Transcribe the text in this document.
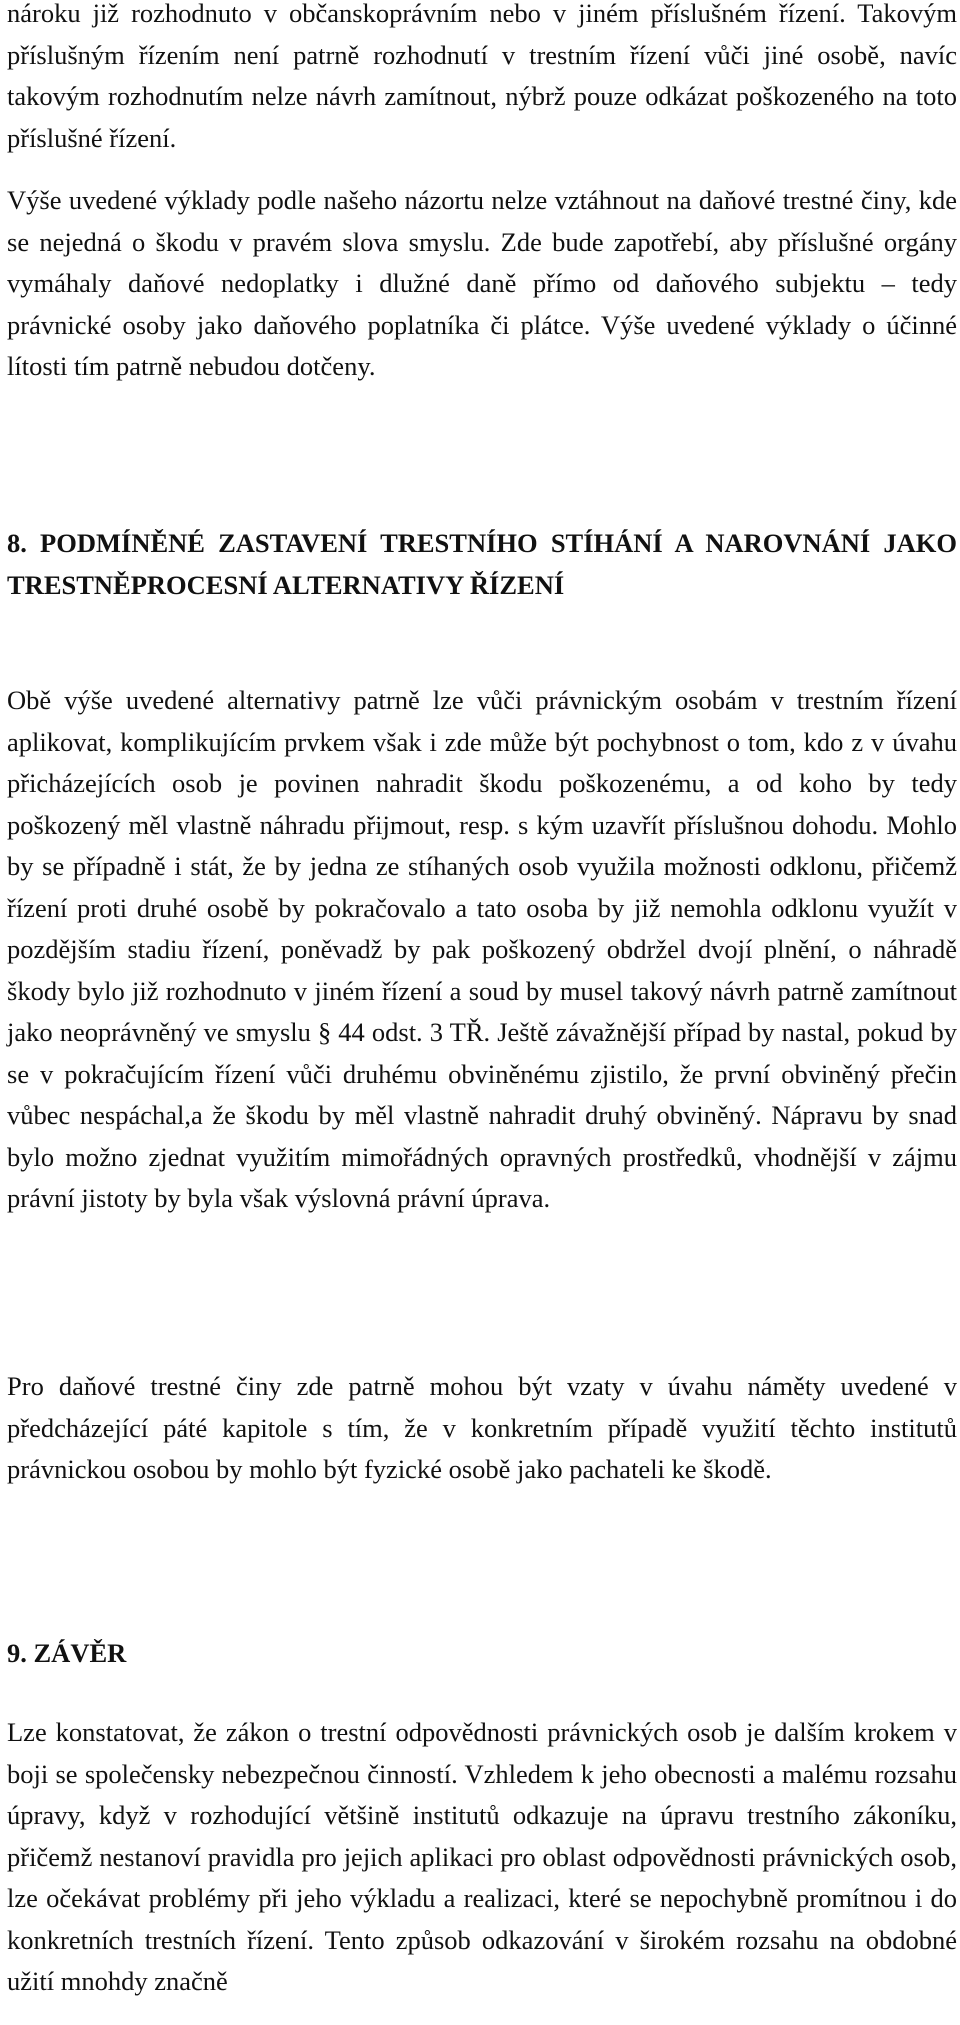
nároku již rozhodnuto v občanskoprávním nebo v jiném příslušném řízení. Takovým příslušným řízením není patrně rozhodnutí v trestním řízení vůči jiné osobě, navíc takovým rozhodnutím nelze návrh zamítnout, nýbrž pouze odkázat poškozeného na toto příslušné řízení.

Výše uvedené výklady podle našeho názortu nelze vztáhnout na daňové trestné činy, kde se nejedná o škodu v pravém slova smyslu. Zde bude zapotřebí, aby příslušné orgány vymáhaly daňové nedoplatky i dlužné daně přímo od daňového subjektu – tedy právnické osoby jako daňového poplatníka či plátce. Výše uvedené výklady o účinné lítosti tím patrně nebudou dotčeny.

8. PODMÍNĚNÉ ZASTAVENÍ TRESTNÍHO STÍHÁNÍ A NAROVNÁNÍ JAKO TRESTNĚPROCESNÍ ALTERNATIVY ŘÍZENÍ

Obě výše uvedené alternativy patrně lze vůči právnickým osobám v trestním řízení aplikovat, komplikujícím prvkem však i zde může být pochybnost o tom, kdo z v úvahu přicházejících osob je povinen nahradit škodu poškozenému, a od koho by tedy poškozený měl vlastně náhradu přijmout, resp. s kým uzavřít příslušnou dohodu. Mohlo by se případně i stát, že by jedna ze stíhaných osob využila možnosti odklonu, přičemž řízení proti druhé osobě by pokračovalo a tato osoba by již nemohla odklonu využít v pozdějším stadiu řízení, poněvadž by pak poškozený obdržel dvojí plnění, o náhradě škody bylo již rozhodnuto v jiném řízení a soud by musel takový návrh patrně zamítnout jako neoprávněný ve smyslu § 44 odst. 3 TŘ. Ještě závažnější případ by nastal, pokud by se v pokračujícím řízení vůči druhému obviněnému zjistilo, že první obviněný přečin vůbec nespáchal,a že škodu by měl vlastně nahradit druhý obviněný. Nápravu by snad bylo možno zjednat využitím mimořádných opravných prostředků, vhodnější v zájmu právní jistoty by byla však výslovná právní úprava.

Pro daňové trestné činy zde patrně mohou být vzaty v úvahu náměty uvedené v předcházející páté kapitole s tím, že v konkretním případě využití těchto institutů právnickou osobou by mohlo být fyzické osobě jako pachateli ke škodě.

9. ZÁVĚR

Lze konstatovat, že zákon o trestní odpovědnosti právnických osob je dalším krokem v boji se společensky nebezpečnou činností. Vzhledem k jeho obecnosti a malému rozsahu úpravy, když v rozhodující většině institutů odkazuje na úpravu trestního zákoníku, přičemž nestanoví pravidla pro jejich aplikaci pro oblast odpovědnosti právnických osob, lze očekávat problémy při jeho výkladu a realizaci, které se nepochybně promítnou i do konkretních trestních řízení. Tento způsob odkazování v širokém rozsahu na obdobné užití mnohdy značně
